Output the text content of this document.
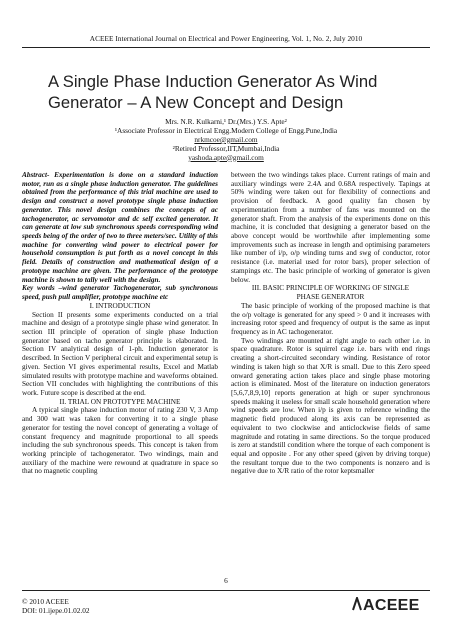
ACEEE International Journal on Electrical and Power Engineering, Vol. 1, No. 2, July 2010
A Single Phase Induction Generator As Wind
Generator – A New Concept and Design
Mrs. N.R. Kulkarni,¹ Dr.(Mrs.) Y.S. Apte²
¹Associate Professor in Electrical Engg.Modern College of Engg.Pune,India
nrkmcoe@gmail.com
²Retired Professor,IIT,Mumbai,India
yashoda.apte@gmail.com

Abstract- Experimentation is done on a standard induction motor, run as a single phase induction generator. The guidelines obtained from the performance of this trial machine are used to design and construct a novel prototype single phase induction generator. This novel design combines the concepts of ac tachogenerator, ac servomotor and dc self excited generator. It can generate at low sub synchronous speeds corresponding wind speeds being of the order of two to three meters/sec. Utility of this machine for converting wind power to electrical power for household consumption is put forth as a novel concept in this field. Details of construction and mathematical design of a prototype machine are given. The performance of the prototype machine is shown to tally well with the design.

Key words –wind generator Tachogenerator, sub synchronous speed, push pull amplifier, prototype machine etc

I. INTRODUCTION

Section II presents some experiments conducted on a trial machine and design of a prototype single phase wind generator. In section III principle of operation of single phase Induction generator based on tacho generator principle is elaborated. In Section IV analytical design of 1-ph. Induction generator is described. In Section V peripheral circuit and experimental setup is given. Section VI gives experimental results, Excel and Matlab simulated results with prototype machine and waveforms obtained. Section VII concludes with highlighting the contributions of this work. Future scope is described at the end.

II. TRIAL ON PROTOTYPE MACHINE

A typical single phase induction motor of rating 230 V, 3 Amp and 300 watt was taken for converting it to a single phase generator for testing the novel concept of generating a voltage of constant frequency and magnitude proportional to all speeds including the sub synchronous speeds. This concept is taken from working principle of tachogenerator. Two windings, main and auxiliary of the machine were rewound at quadrature in space so that no magnetic coupling

between the two windings takes place. Current ratings of main and auxiliary windings were 2.4A and 0.68A respectively. Tapings at 50% winding were taken out for flexibility of connections and provision of feedback. A good quality fan chosen by experimentation from a number of fans was mounted on the generator shaft. From the analysis of the experiments done on this machine, it is concluded that designing a generator based on the above concept would be worthwhile after implementing some improvements such as increase in length and optimising parameters like number of i/p, o/p winding turns and swg of conductor, rotor resistance (i.e. material used for rotor bars), proper selection of stampings etc. The basic principle of working of generator is given below.

III. BASIC PRINCIPLE OF WORKING OF SINGLE
PHASE GENERATOR

The basic principle of working of the proposed machine is that the o/p voltage is generated for any speed > 0 and it increases with increasing rotor speed and frequency of output is the same as input frequency as in AC tachogenerator.

Two windings are mounted at right angle to each other i.e. in space quadrature. Rotor is squirrel cage i.e. bars with end rings creating a short-circuited secondary winding. Resistance of rotor winding is taken high so that X/R is small. Due to this Zero speed onward generating action takes place and single phase motoring action is eliminated. Most of the literature on induction generators [5,6,7,8,9,10] reports generation at high or super synchronous speeds making it useless for small scale household generation where wind speeds are low. When i/p is given to reference winding the magnetic field produced along its axis can be represented as equivalent to two clockwise and anticlockwise fields of same magnitude and rotating in same directions. So the torque produced is zero at standstill condition where the torque of each component is equal and opposite . For any other speed (given by driving torque) the resultant torque due to the two components is nonzero and is negative due to X/R ratio of the rotor keptsmaller

6
© 2010 ACEEE
DOI: 01.ijepe.01.02.02	ACEEE
